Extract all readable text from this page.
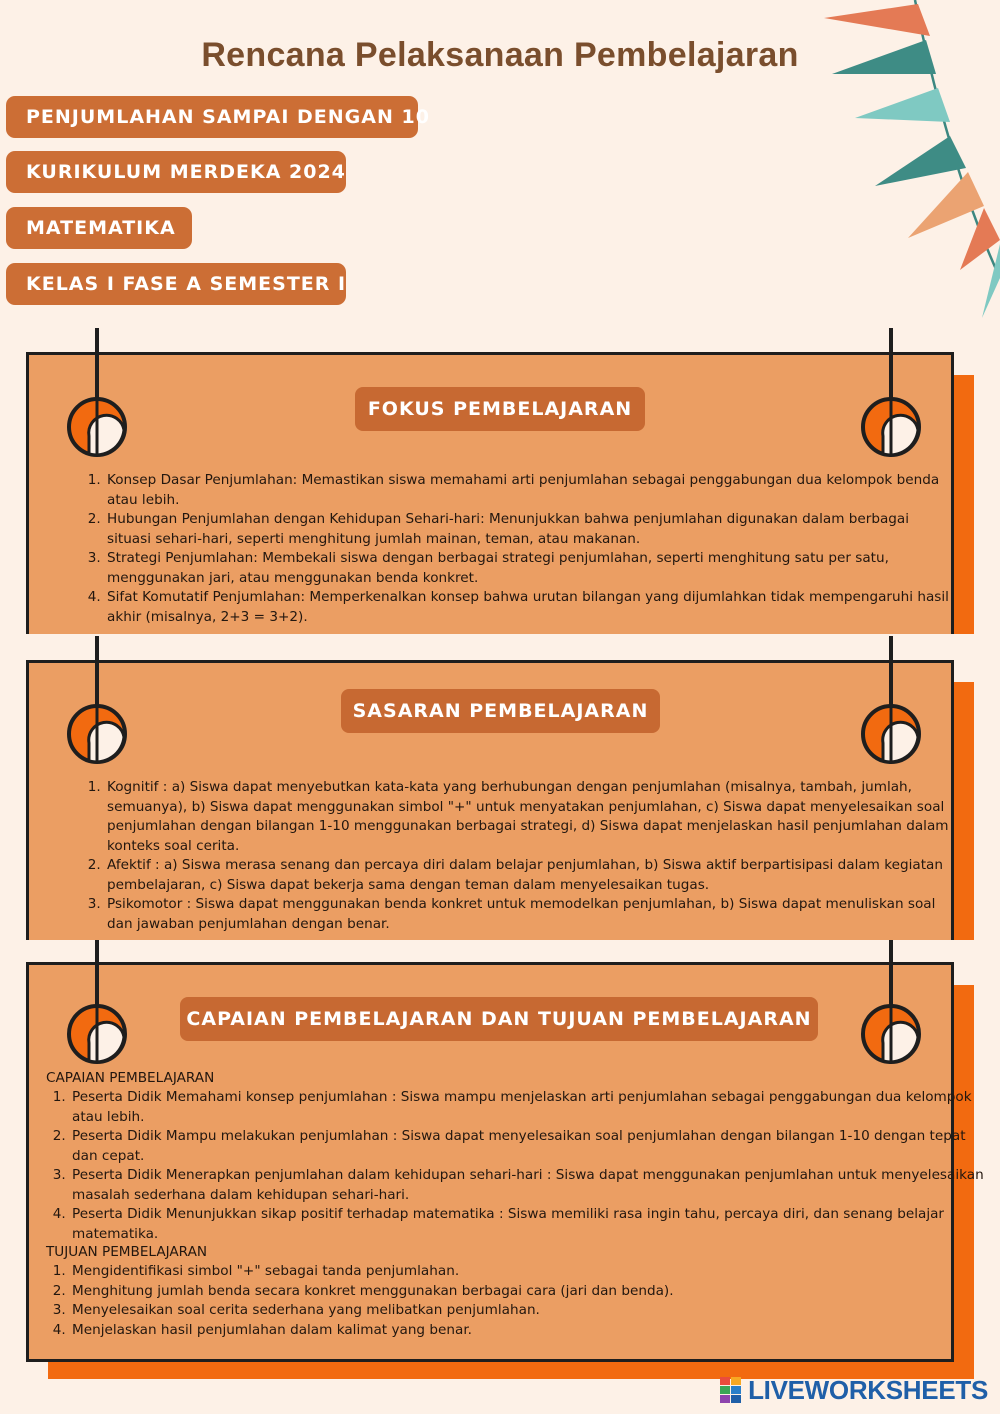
Rencana Pelaksanaan Pembelajaran
PENJUMLAHAN SAMPAI DENGAN 10
KURIKULUM MERDEKA 2024
MATEMATIKA
KELAS I FASE A SEMESTER I
FOKUS PEMBELAJARAN
1. Konsep Dasar Penjumlahan: Memastikan siswa memahami arti penjumlahan sebagai penggabungan dua kelompok benda atau lebih.
2. Hubungan Penjumlahan dengan Kehidupan Sehari-hari: Menunjukkan bahwa penjumlahan digunakan dalam berbagai situasi sehari-hari, seperti menghitung jumlah mainan, teman, atau makanan.
3. Strategi Penjumlahan: Membekali siswa dengan berbagai strategi penjumlahan, seperti menghitung satu per satu, menggunakan jari, atau menggunakan benda konkret.
4. Sifat Komutatif Penjumlahan: Memperkenalkan konsep bahwa urutan bilangan yang dijumlahkan tidak mempengaruhi hasil akhir (misalnya, 2+3 = 3+2).
SASARAN PEMBELAJARAN
1. Kognitif : a) Siswa dapat menyebutkan kata-kata yang berhubungan dengan penjumlahan (misalnya, tambah, jumlah, semuanya), b) Siswa dapat menggunakan simbol "+" untuk menyatakan penjumlahan, c) Siswa dapat menyelesaikan soal penjumlahan dengan bilangan 1-10 menggunakan berbagai strategi, d) Siswa dapat menjelaskan hasil penjumlahan dalam konteks soal cerita.
2. Afektif : a) Siswa merasa senang dan percaya diri dalam belajar penjumlahan, b) Siswa aktif berpartisipasi dalam kegiatan pembelajaran, c) Siswa dapat bekerja sama dengan teman dalam menyelesaikan tugas.
3. Psikomotor : Siswa dapat menggunakan benda konkret untuk memodelkan penjumlahan, b) Siswa dapat menuliskan soal dan jawaban penjumlahan dengan benar.
CAPAIAN PEMBELAJARAN DAN TUJUAN PEMBELAJARAN
CAPAIAN PEMBELAJARAN
1. Peserta Didik Memahami konsep penjumlahan : Siswa mampu menjelaskan arti penjumlahan sebagai penggabungan dua kelompok atau lebih.
2. Peserta Didik Mampu melakukan penjumlahan : Siswa dapat menyelesaikan soal penjumlahan dengan bilangan 1-10 dengan tepat dan cepat.
3. Peserta Didik Menerapkan penjumlahan dalam kehidupan sehari-hari : Siswa dapat menggunakan penjumlahan untuk menyelesaikan masalah sederhana dalam kehidupan sehari-hari.
4. Peserta Didik Menunjukkan sikap positif terhadap matematika : Siswa memiliki rasa ingin tahu, percaya diri, dan senang belajar matematika.
TUJUAN PEMBELAJARAN
1. Mengidentifikasi simbol "+" sebagai tanda penjumlahan.
2. Menghitung jumlah benda secara konkret menggunakan berbagai cara (jari dan benda).
3. Menyelesaikan soal cerita sederhana yang melibatkan penjumlahan.
4. Menjelaskan hasil penjumlahan dalam kalimat yang benar.
LIVEWORKSHEETS
